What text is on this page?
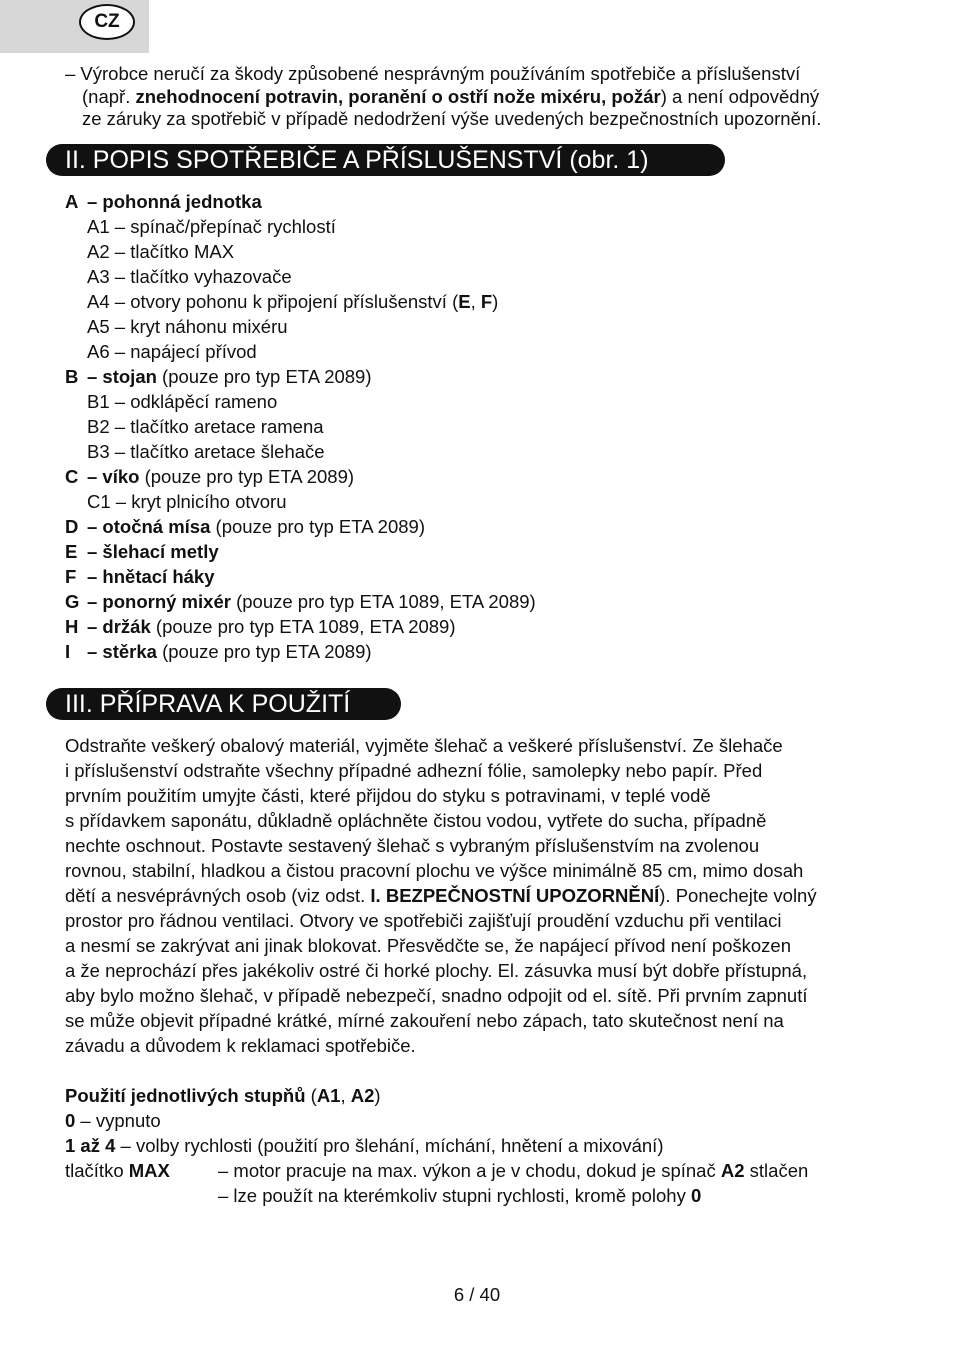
CZ
– Výrobce neručí za škody způsobené nesprávným používáním spotřebiče a příslušenství
(např. znehodnocení potravin, poranění o ostří nože mixéru, požár) a není odpovědný
ze záruky za spotřebič v případě nedodržení výše uvedených bezpečnostních upozornění.
II. POPIS SPOTŘEBIČE A PŘÍSLUŠENSTVÍ (obr. 1)
A – pohonná jednotka
A1 – spínač/přepínač rychlostí
A2 – tlačítko MAX
A3 – tlačítko vyhazovače
A4 – otvory pohonu k připojení příslušenství (E, F)
A5 – kryt náhonu mixéru
A6 – napájecí přívod
B – stojan (pouze pro typ ETA 2089)
B1 – odklápěcí rameno
B2 – tlačítko aretace ramena
B3 – tlačítko aretace šlehače
C – víko (pouze pro typ ETA 2089)
C1 – kryt plnicího otvoru
D – otočná mísa (pouze pro typ ETA 2089)
E – šlehací metly
F – hnětací háky
G – ponorný mixér (pouze pro typ ETA 1089, ETA 2089)
H – držák (pouze pro typ ETA 1089, ETA 2089)
I – stěrka (pouze pro typ ETA 2089)
III. PŘÍPRAVA K POUŽITÍ
Odstraňte veškerý obalový materiál, vyjměte šlehač a veškeré příslušenství. Ze šlehače
i příslušenství odstraňte všechny případné adhezní fólie, samolepky nebo papír. Před
prvním použitím umyjte části, které přijdou do styku s potravinami, v teplé vodě
s přídavkem saponátu, důkladně opláchněte čistou vodou, vytřete do sucha, případně
nechte oschnout. Postavte sestavený šlehač s vybraným příslušenstvím na zvolenou
rovnou, stabilní, hladkou a čistou pracovní plochu ve výšce minimálně 85 cm, mimo dosah
dětí a nesvéprávných osob (viz odst. I. BEZPEČNOSTNÍ UPOZORNĚNÍ). Ponechejte volný
prostor pro řádnou ventilaci. Otvory ve spotřebiči zajišťují proudění vzduchu při ventilaci
a nesmí se zakrývat ani jinak blokovat. Přesvědčte se, že napájecí přívod není poškozen
a že neprochází přes jakékoliv ostré či horké plochy. El. zásuvka musí být dobře přístupná,
aby bylo možno šlehač, v případě nebezpečí, snadno odpojit od el. sítě. Při prvním zapnutí
se může objevit případné krátké, mírné zakouření nebo zápach, tato skutečnost není na
závadu a důvodem k reklamaci spotřebiče.
Použití jednotlivých stupňů (A1, A2)
0 – vypnuto
1 až 4 – volby rychlosti (použití pro šlehání, míchání, hnětení a mixování)
tlačítko MAX	– motor pracuje na max. výkon a je v chodu, dokud je spínač A2 stlačen
– lze použít na kterémkoliv stupni rychlosti, kromě polohy 0
6 / 40
